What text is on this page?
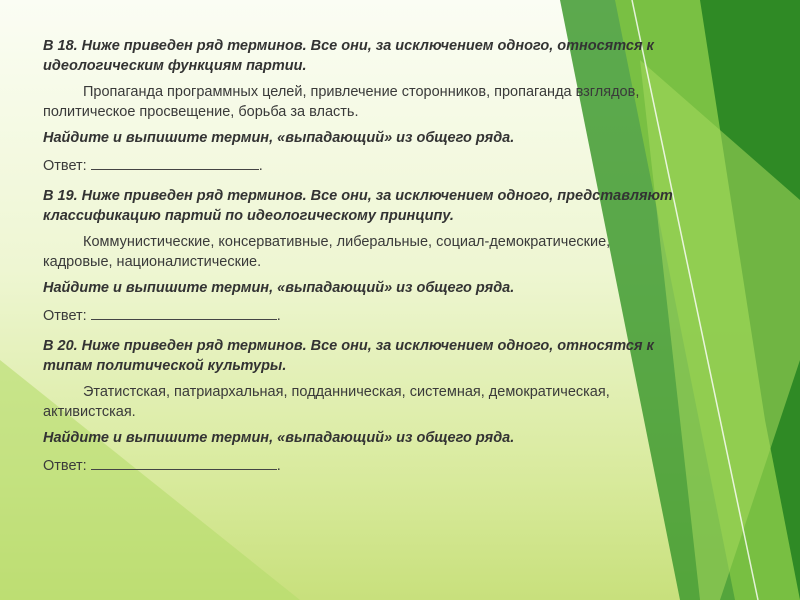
В 18. Ниже приведен ряд терминов. Все они, за исключением одного, относятся к идеологическим функциям партии.
Пропаганда программных целей, привлечение сторонников, пропаганда взглядов, политическое просвещение, борьба за власть.
Найдите и выпишите термин, «выпадающий» из общего ряда.
Ответ:	.
В 19. Ниже приведен ряд терминов. Все они, за исключением одного, представляют классификацию партий по идеологическому принципу.
Коммунистические, консервативные, либеральные, социал-демократические, кадровые, националистические.
Найдите и выпишите термин, «выпадающий» из общего ряда.
Ответ:	.
В 20. Ниже приведен ряд терминов. Все они, за исключением одного, относятся к типам политической культуры.
Этатистская, патриархальная, подданническая, системная, демократическая, активистская.
Найдите и выпишите термин, «выпадающий» из общего ряда.
Ответ:	.
